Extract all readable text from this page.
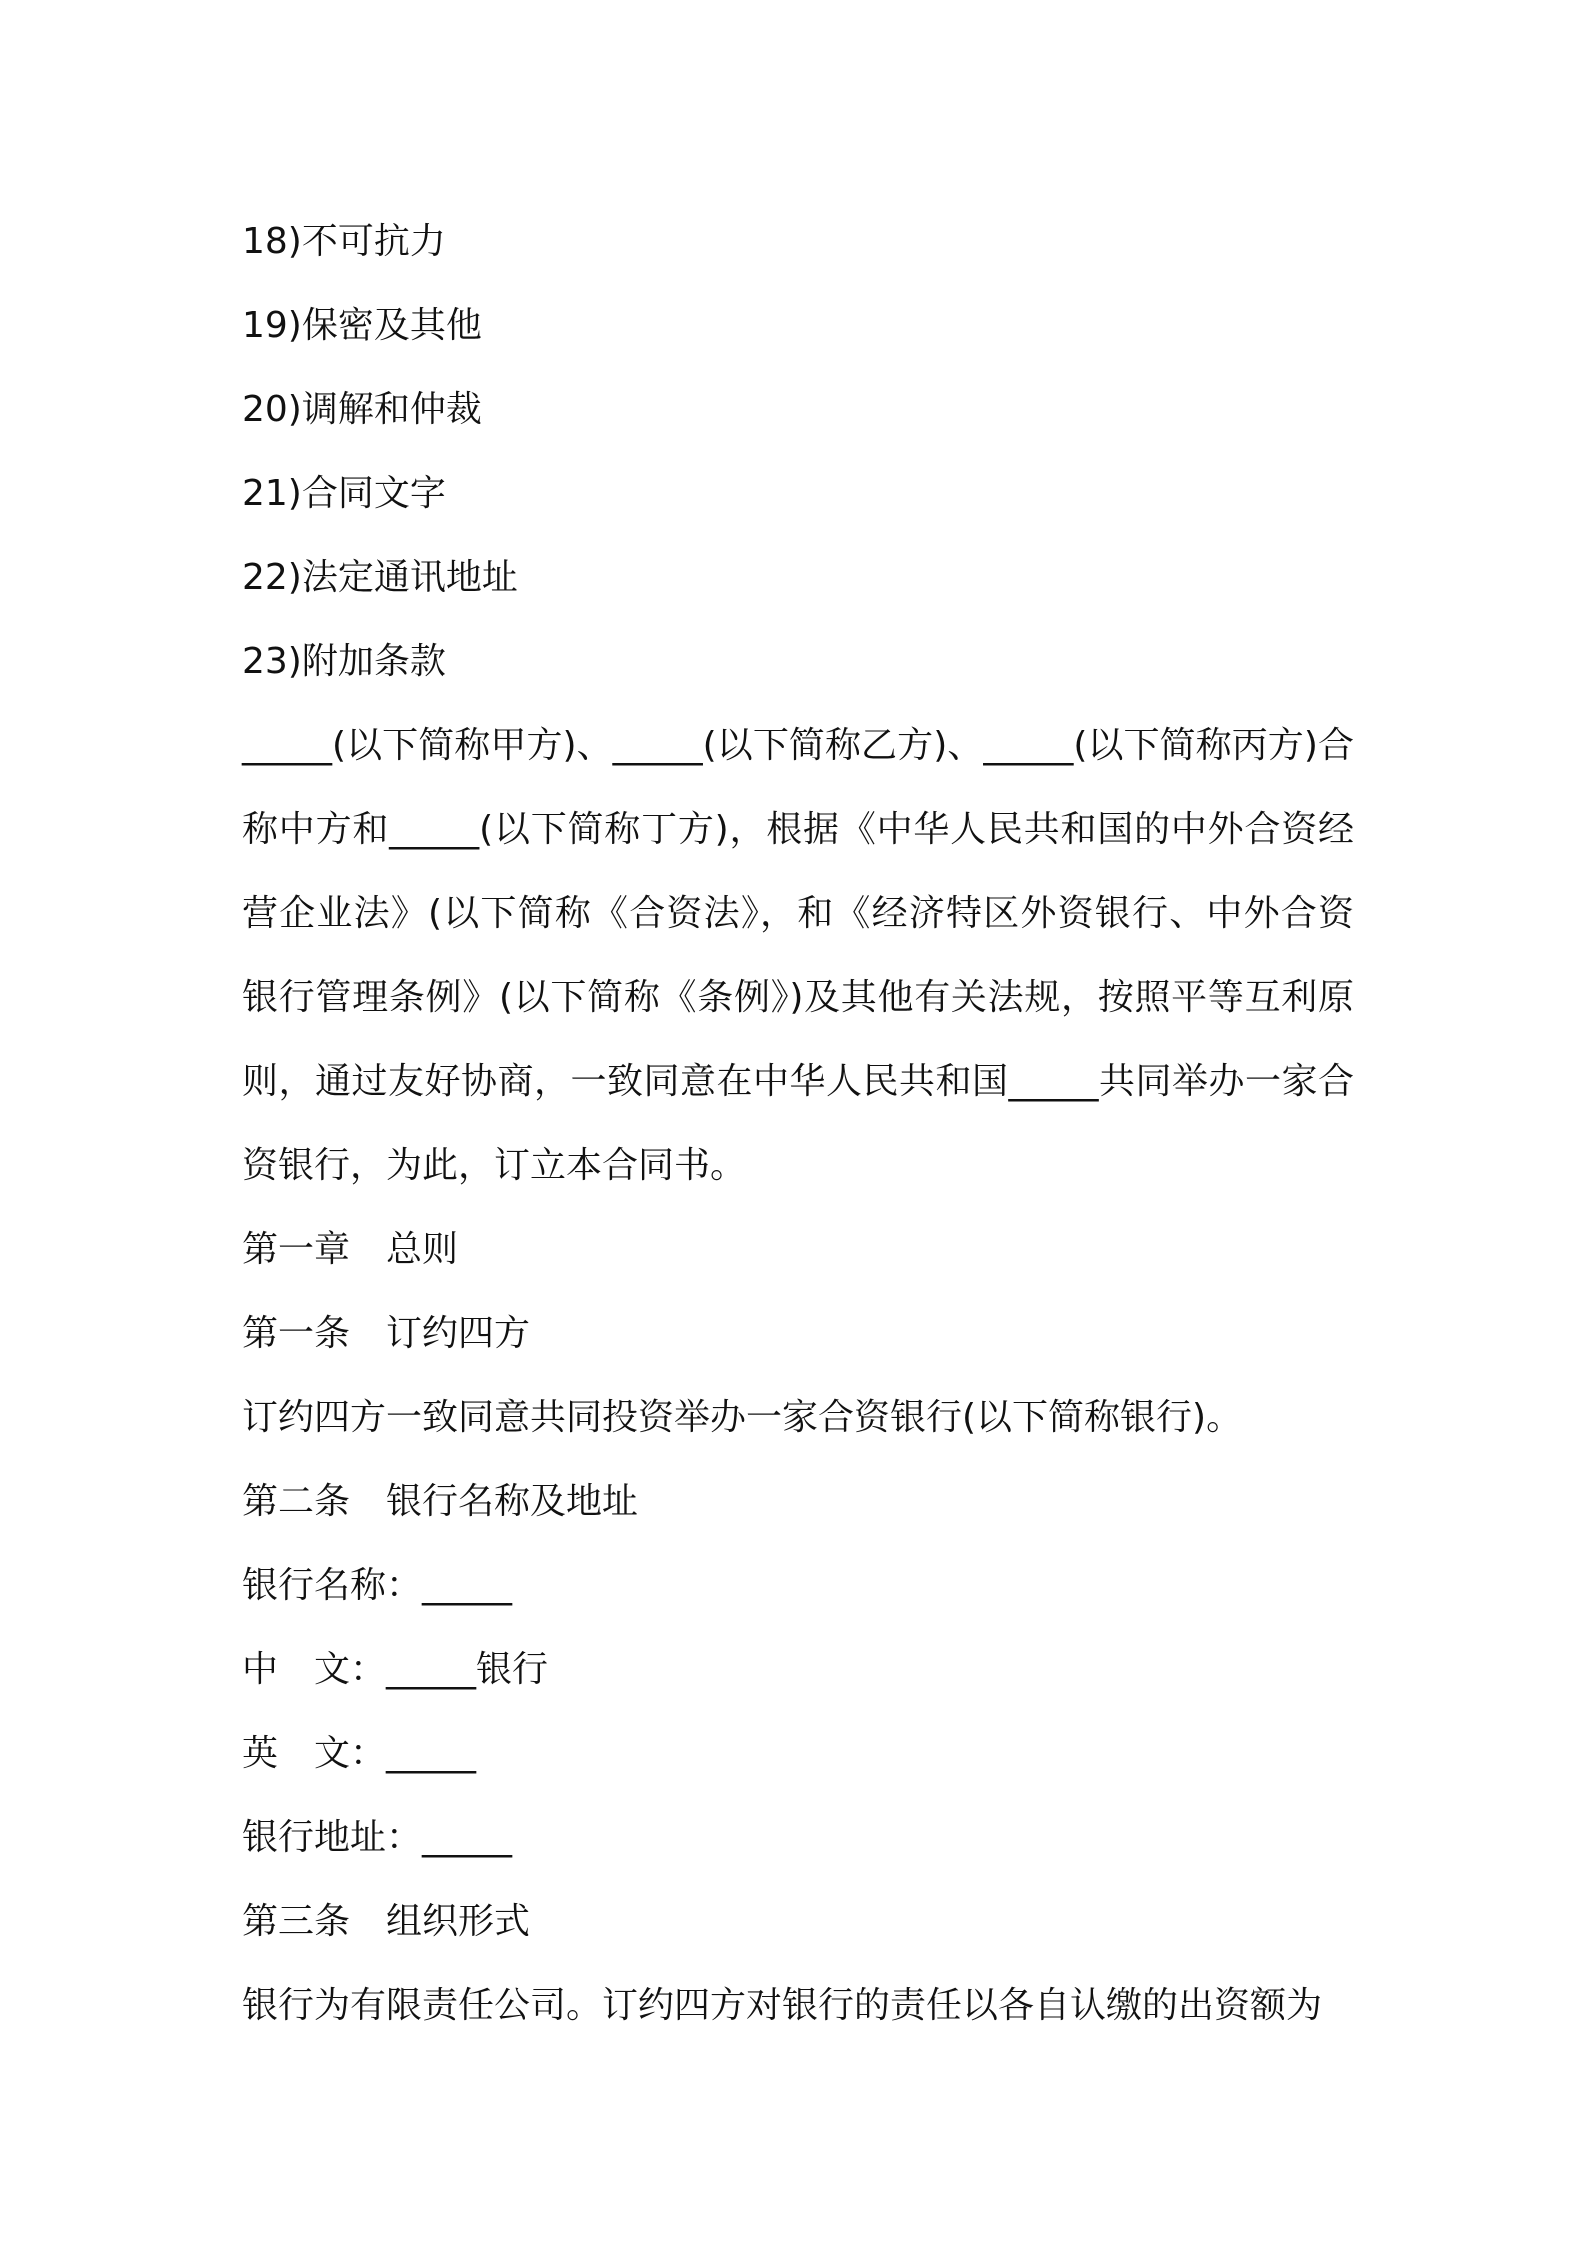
18)不可抗力
19)保密及其他
20)调解和仲裁
21)合同文字
22)法定通讯地址
23)附加条款
_____(以下简称甲方)、_____(以下简称乙方)、_____(以下简称丙方)合称中方和_____(以下简称丁方)，根据《中华人民共和国的中外合资经营企业法》(以下简称《合资法》，和《经济特区外资银行、中外合资银行管理条例》(以下简称《条例》)及其他有关法规，按照平等互利原则，通过友好协商，一致同意在中华人民共和国_____共同举办一家合资银行，为此，订立本合同书。
第一章 总则
第一条 订约四方
订约四方一致同意共同投资举办一家合资银行(以下简称银行)。
第二条 银行名称及地址
银行名称：_____
中　文：_____银行
英　文：_____
银行地址：_____
第三条 组织形式
银行为有限责任公司。订约四方对银行的责任以各自认缴的出资额为
